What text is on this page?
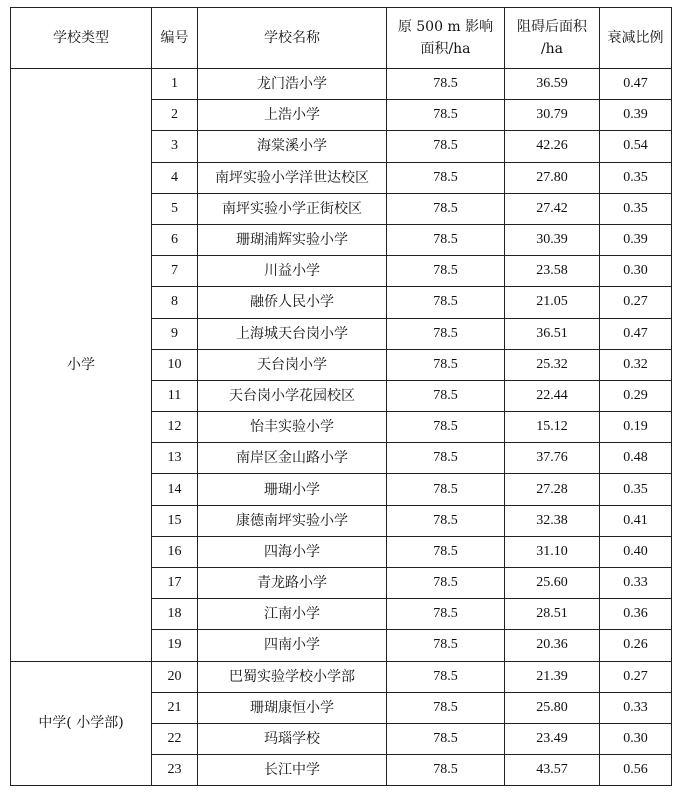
学校类型	编号	学校名称	原 500 m 影响面积/ha	阻碍后面积 /ha	衰减比例
小学	1	龙门浩小学	78.5	36.59	0.47
	2	上浩小学	78.5	30.79	0.39
	3	海棠溪小学	78.5	42.26	0.54
	4	南坪实验小学洋世达校区	78.5	27.80	0.35
	5	南坪实验小学正街校区	78.5	27.42	0.35
	6	珊瑚浦辉实验小学	78.5	30.39	0.39
	7	川益小学	78.5	23.58	0.30
	8	融侨人民小学	78.5	21.05	0.27
	9	上海城天台岗小学	78.5	36.51	0.47
	10	天台岗小学	78.5	25.32	0.32
	11	天台岗小学花园校区	78.5	22.44	0.29
	12	怡丰实验小学	78.5	15.12	0.19
	13	南岸区金山路小学	78.5	37.76	0.48
	14	珊瑚小学	78.5	27.28	0.35
	15	康德南坪实验小学	78.5	32.38	0.41
	16	四海小学	78.5	31.10	0.40
	17	青龙路小学	78.5	25.60	0.33
	18	江南小学	78.5	28.51	0.36
	19	四南小学	78.5	20.36	0.26
中学( 小学部)	20	巴蜀实验学校小学部	78.5	21.39	0.27
	21	珊瑚康恒小学	78.5	25.80	0.33
	22	玛瑙学校	78.5	23.49	0.30
	23	长江中学	78.5	43.57	0.56
